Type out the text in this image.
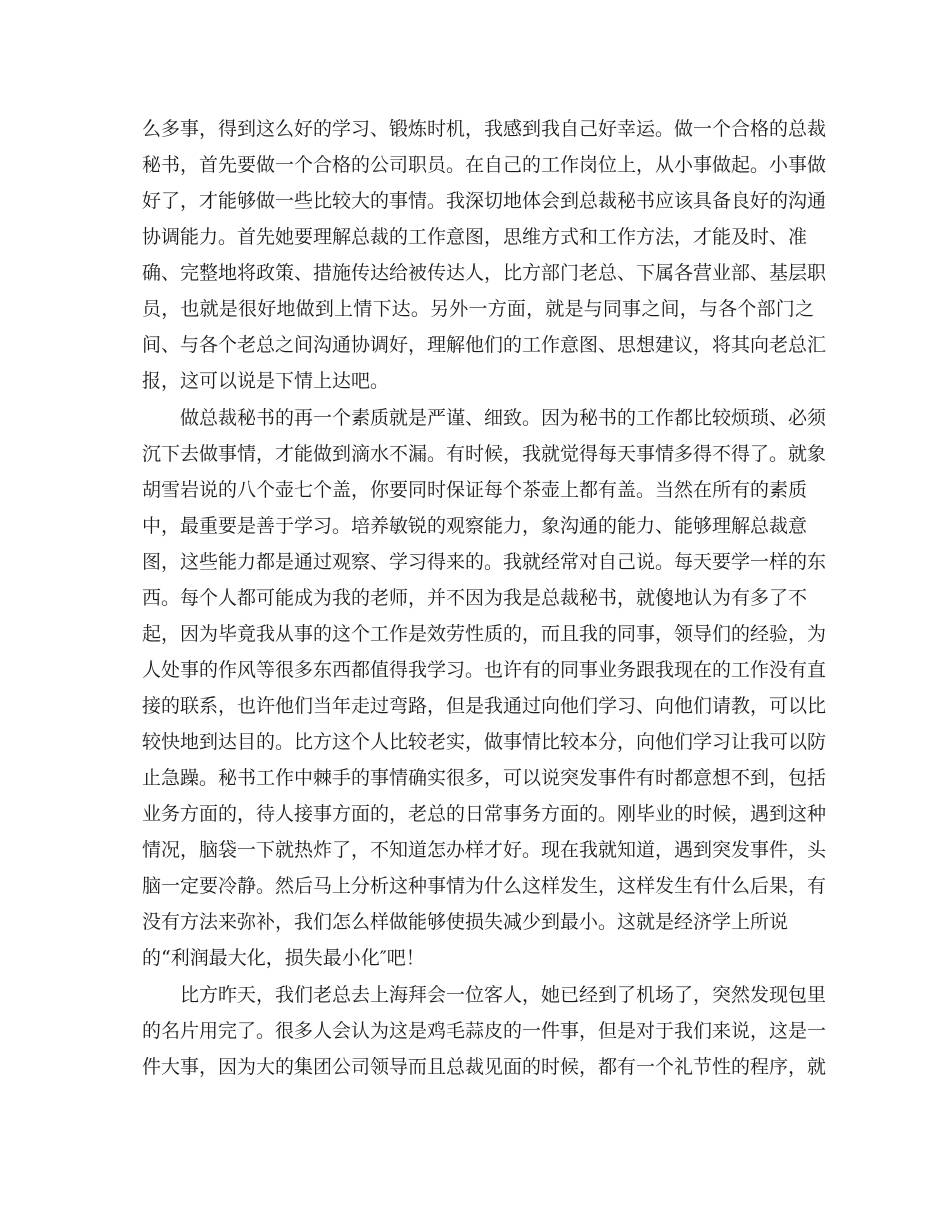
么多事，得到这么好的学习、锻炼时机，我感到我自己好幸运。做一个合格的总裁

秘书，首先要做一个合格的公司职员。在自己的工作岗位上，从小事做起。小事做

好了，才能够做一些比较大的事情。我深切地体会到总裁秘书应该具备良好的沟通

协调能力。首先她要理解总裁的工作意图，思维方式和工作方法，才能及时、准

确、完整地将政策、措施传达给被传达人，比方部门老总、下属各营业部、基层职

员，也就是很好地做到上情下达。另外一方面，就是与同事之间，与各个部门之

间、与各个老总之间沟通协调好，理解他们的工作意图、思想建议，将其向老总汇

报，这可以说是下情上达吧。

做总裁秘书的再一个素质就是严谨、细致。因为秘书的工作都比较烦琐、必须

沉下去做事情，才能做到滴水不漏。有时候，我就觉得每天事情多得不得了。就象

胡雪岩说的八个壶七个盖，你要同时保证每个茶壶上都有盖。当然在所有的素质

中，最重要是善于学习。培养敏锐的观察能力，象沟通的能力、能够理解总裁意

图，这些能力都是通过观察、学习得来的。我就经常对自己说。每天要学一样的东

西。每个人都可能成为我的老师，并不因为我是总裁秘书，就傻地认为有多了不

起，因为毕竟我从事的这个工作是效劳性质的，而且我的同事，领导们的经验，为

人处事的作风等很多东西都值得我学习。也许有的同事业务跟我现在的工作没有直

接的联系，也许他们当年走过弯路，但是我通过向他们学习、向他们请教，可以比

较快地到达目的。比方这个人比较老实，做事情比较本分，向他们学习让我可以防

止急躁。秘书工作中棘手的事情确实很多，可以说突发事件有时都意想不到，包括

业务方面的，待人接事方面的，老总的日常事务方面的。刚毕业的时候，遇到这种

情况，脑袋一下就热炸了，不知道怎办样才好。现在我就知道，遇到突发事件，头

脑一定要冷静。然后马上分析这种事情为什么这样发生，这样发生有什么后果，有

没有方法来弥补，我们怎么样做能够使损失减少到最小。这就是经济学上所说

的“利润最大化，损失最小化″吧！

比方昨天，我们老总去上海拜会一位客人，她已经到了机场了，突然发现包里

的名片用完了。很多人会认为这是鸡毛蒜皮的一件事，但是对于我们来说，这是一

件大事，因为大的集团公司领导而且总裁见面的时候，都有一个礼节性的程序，就
